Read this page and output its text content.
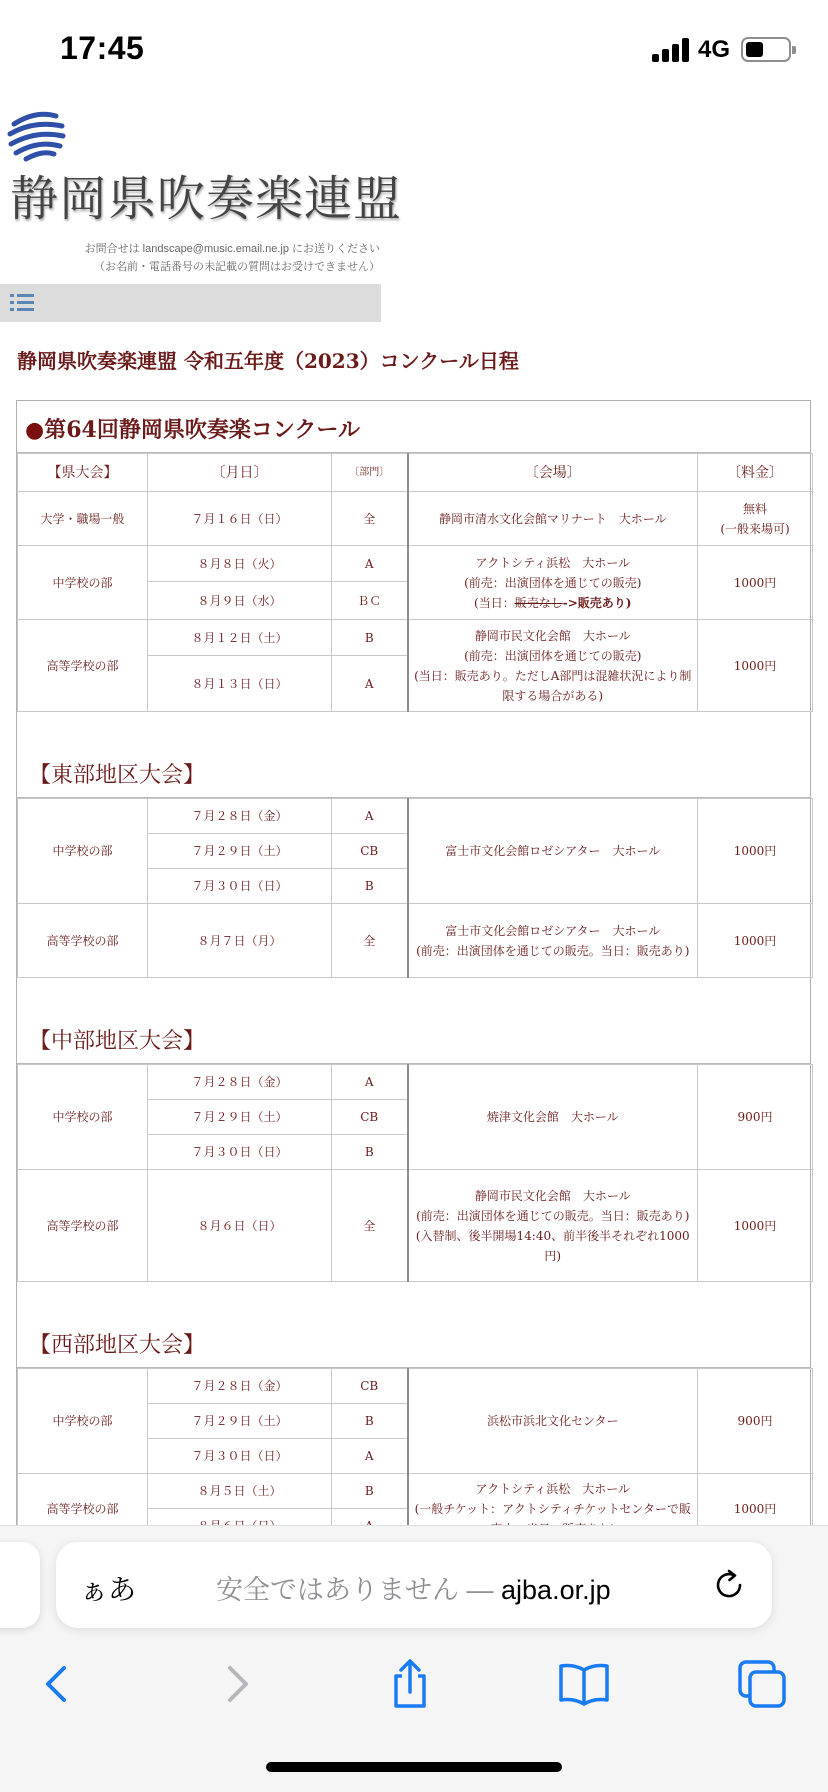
17:45	4G
静岡県吹奏楽連盟
お問合せは landscape@music.email.ne.jp にお送りください
（お名前・電話番号の未記載の質問はお受けできません）
静岡県吹奏楽連盟 令和五年度（2023）コンクール日程
●第64回静岡県吹奏楽コンクール
【県大会】	〔月日〕	〔部門〕	〔会場〕	〔料金〕
大学・職場一般	７月１６日（日）	全	静岡市清水文化会館マリナート　大ホール	無料
(一般来場可)

中学校の部	８月８日（火）	A	アクトシティ浜松　大ホール
(前売：出演団体を通じての販売)
(当日：販売なし->販売あり)	1000円
	８月９日（水）	ＢＣ		
高等学校の部	８月１２日（土）	B	静岡市民文化会館　大ホール
(前売：出演団体を通じての販売)
(当日：販売あり。ただしA部門は混雑状況により制限する場合がある)	1000円
	８月１３日（日）	A		
【東部地区大会】
中学校の部	７月２８日（金）	A	富士市文化会館ロゼシアター　大ホール	1000円
	７月２９日（土）	CB		
	７月３０日（日）	B		
高等学校の部	８月７日（月）	全	富士市文化会館ロゼシアター　大ホール
(前売：出演団体を通じての販売。当日：販売あり)	1000円
【中部地区大会】
中学校の部	７月２８日（金）	A	焼津文化会館　大ホール	900円
	７月２９日（土）	CB		
	７月３０日（日）	B		
高等学校の部	８月６日（日）	全	静岡市民文化会館　大ホール
(前売：出演団体を通じての販売。当日：販売あり)
(入替制、後半開場14:40、前半後半それぞれ1000円)	1000円
【西部地区大会】
中学校の部	７月２８日（金）	CB	浜松市浜北文化センター	900円
	７月２９日（土）	B		
	７月３０日（日）	A		
高等学校の部	８月５日（土）	B	アクトシティ浜松　大ホール
(一般チケット：アクトシティチケットセンターで販	1000円

ぁあ	安全ではありません — ajba.or.jp
